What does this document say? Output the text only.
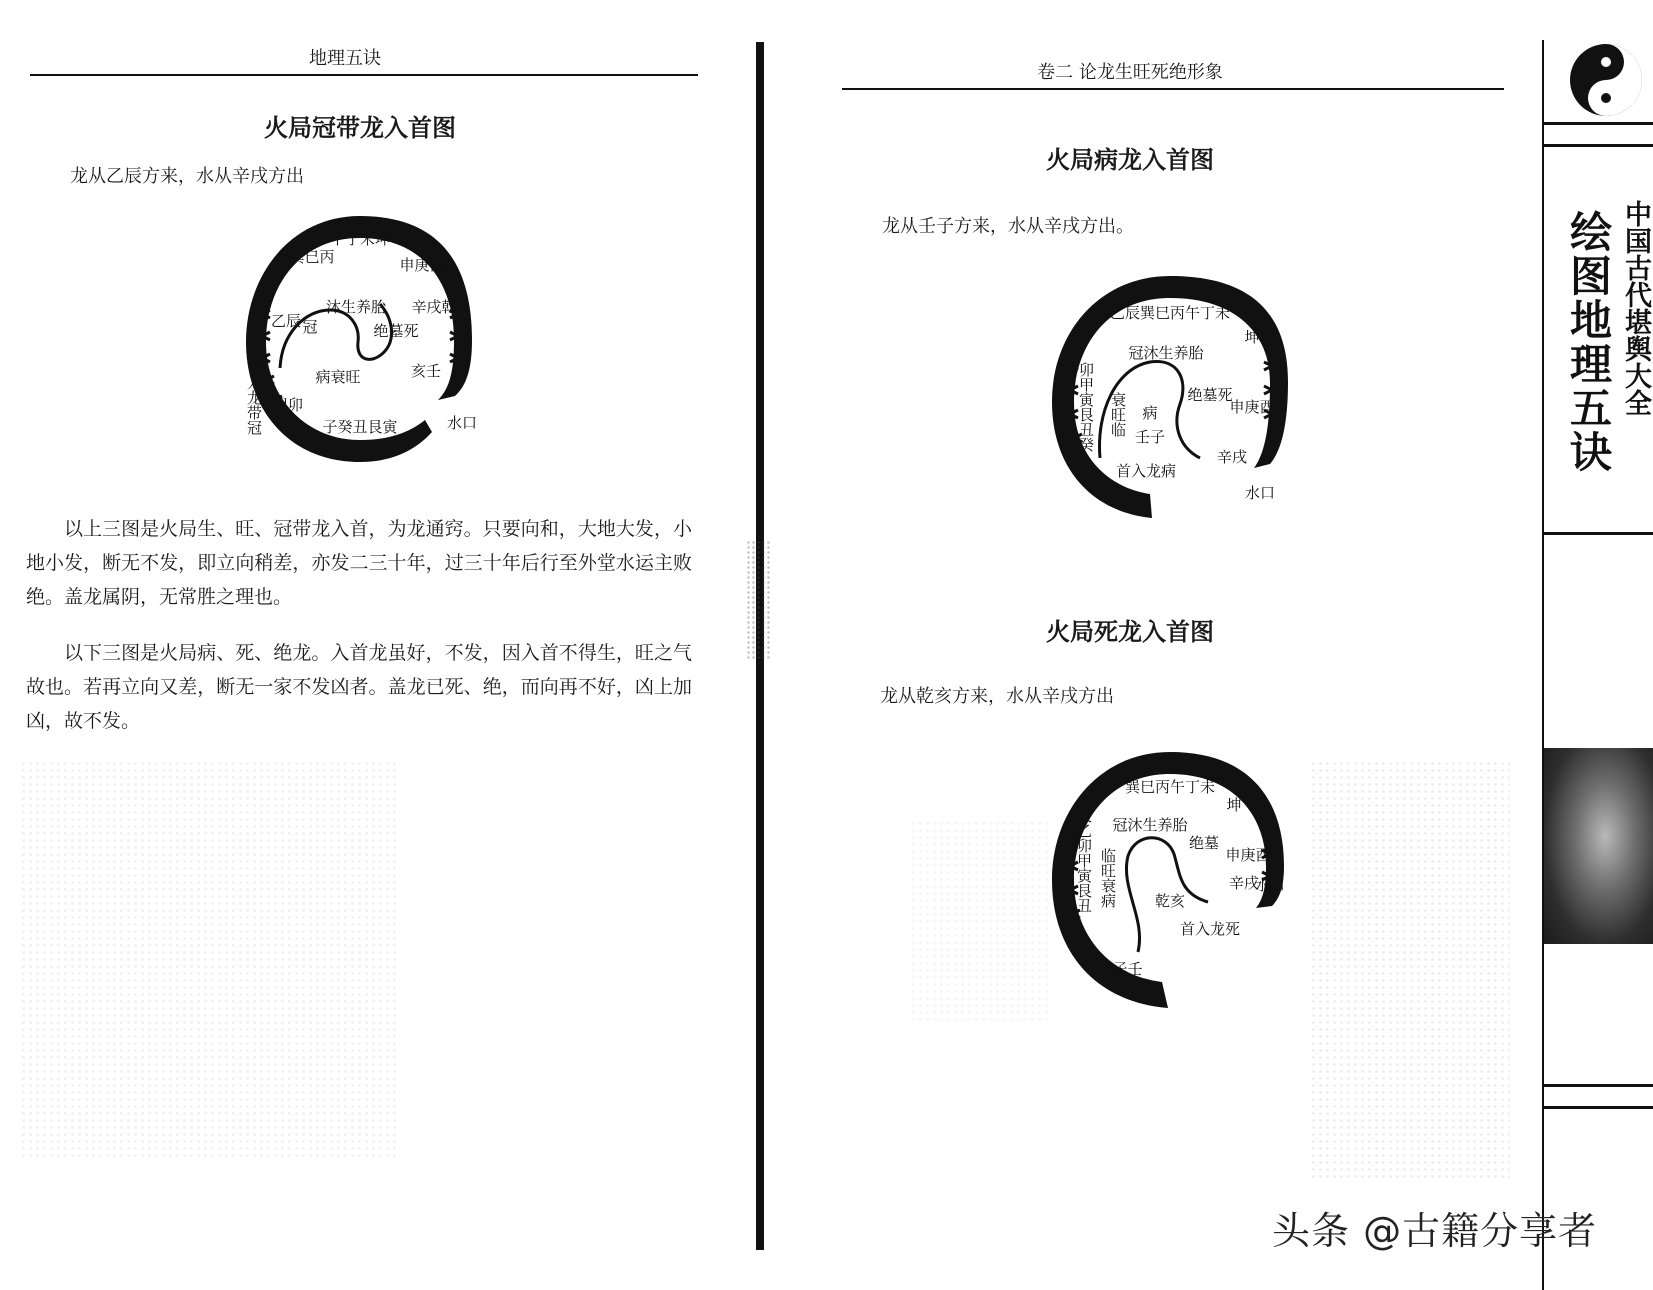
地理五诀
火局冠带龙入首图
龙从乙辰方来，水从辛戌方出
午丁未坤
巽巳丙	申庚酉
辛戌乾
亥壬
子癸丑艮寅
甲卯
首入龙带冠
沐生养胎
绝墓死
病衰旺
冠
乙辰
水口
以上三图是火局生、旺、冠带龙入首，为龙通窍。只要向和，大地大发，小地小发，断无不发，即立向稍差，亦发二三十年，过三十年后行至外堂水运主败绝。盖龙属阴，无常胜之理也。
以下三图是火局病、死、绝龙。入首龙虽好，不发，因入首不得生，旺之气故也。若再立向又差，断无一家不发凶者。盖龙已死、绝，而向再不好，凶上加凶，故不发。
卷二 论龙生旺死绝形象
火局病龙入首图
龙从壬子方来，水从辛戌方出。
乙辰巽巳丙午丁未
坤
申庚酉
辛戌
卯甲寅艮丑癸
冠沐生养胎
绝墓死
衰旺临 病
壬子
首入龙病
水口
火局死龙入首图
龙从乾亥方来，水从辛戌方出
巽巳丙午丁未
坤
申庚酉
辛戌
辰乙卯甲寅艮丑
癸子壬
冠沐生养胎
绝墓
临旺衰病	乾亥
首入龙死
水口
绘图地理五诀 中国古代堪舆大全
头条 @古籍分享者
